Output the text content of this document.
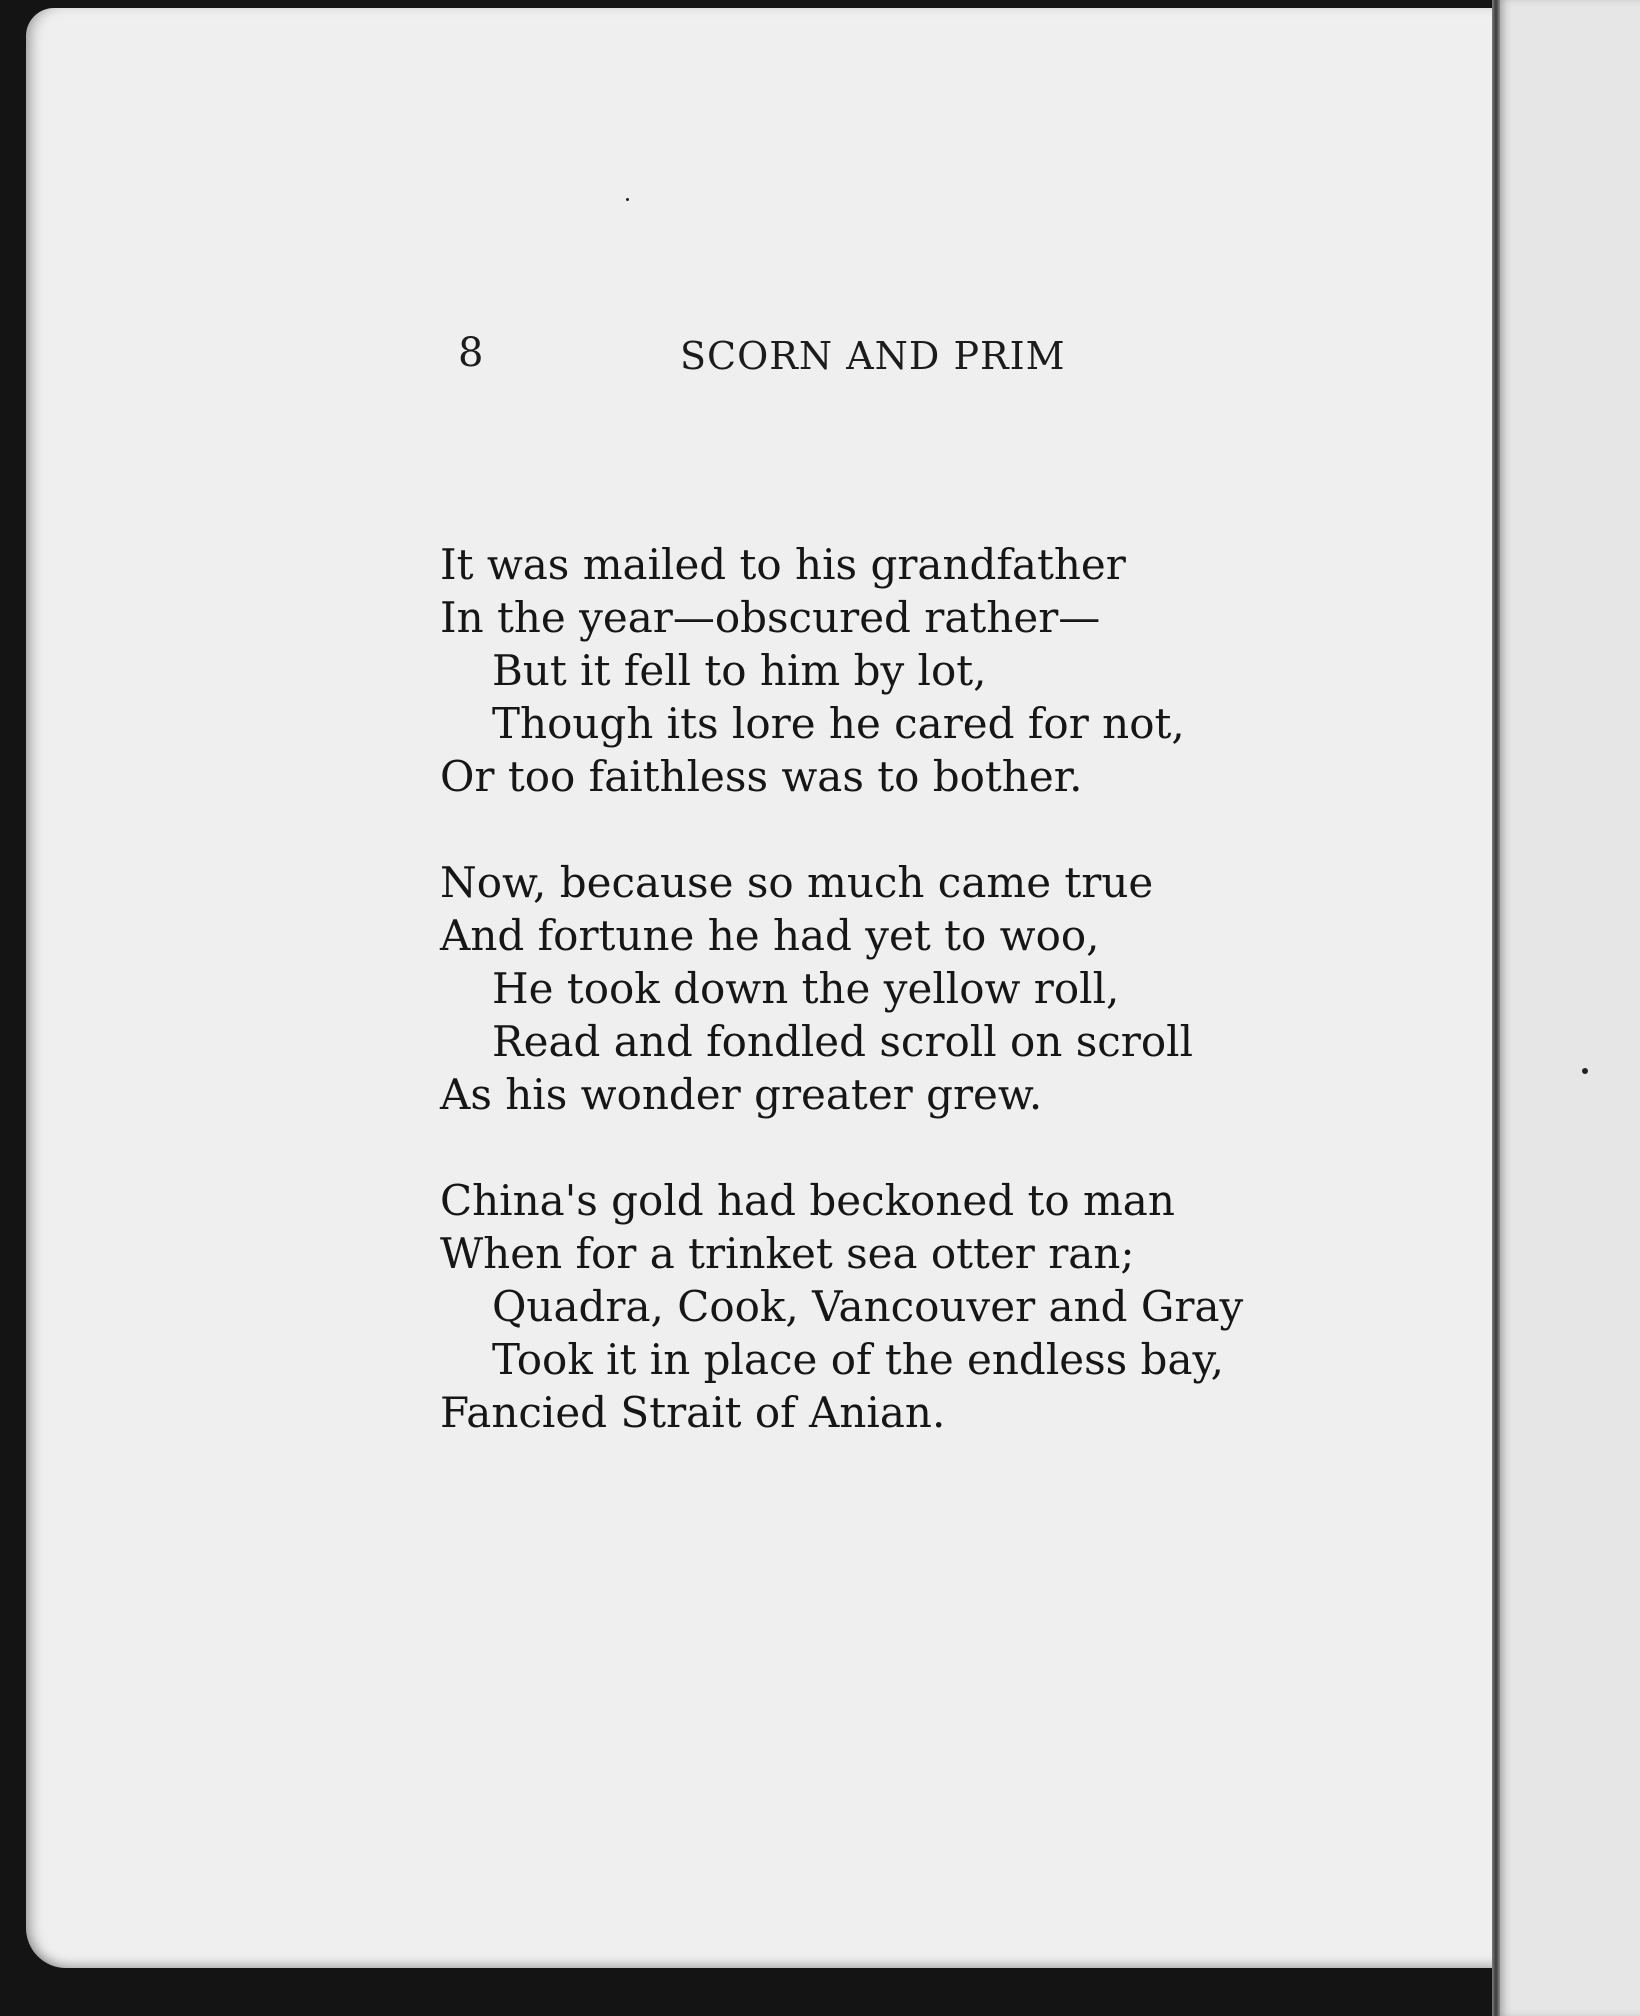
8	SCORN AND PRIM
It was mailed to his grandfather
In the year—obscured rather—
But it fell to him by lot,
Though its lore he cared for not,
Or too faithless was to bother.
Now, because so much came true
And fortune he had yet to woo,
He took down the yellow roll,
Read and fondled scroll on scroll
As his wonder greater grew.
China's gold had beckoned to man
When for a trinket sea otter ran;
Quadra, Cook, Vancouver and Gray
Took it in place of the endless bay,
Fancied Strait of Anian.
